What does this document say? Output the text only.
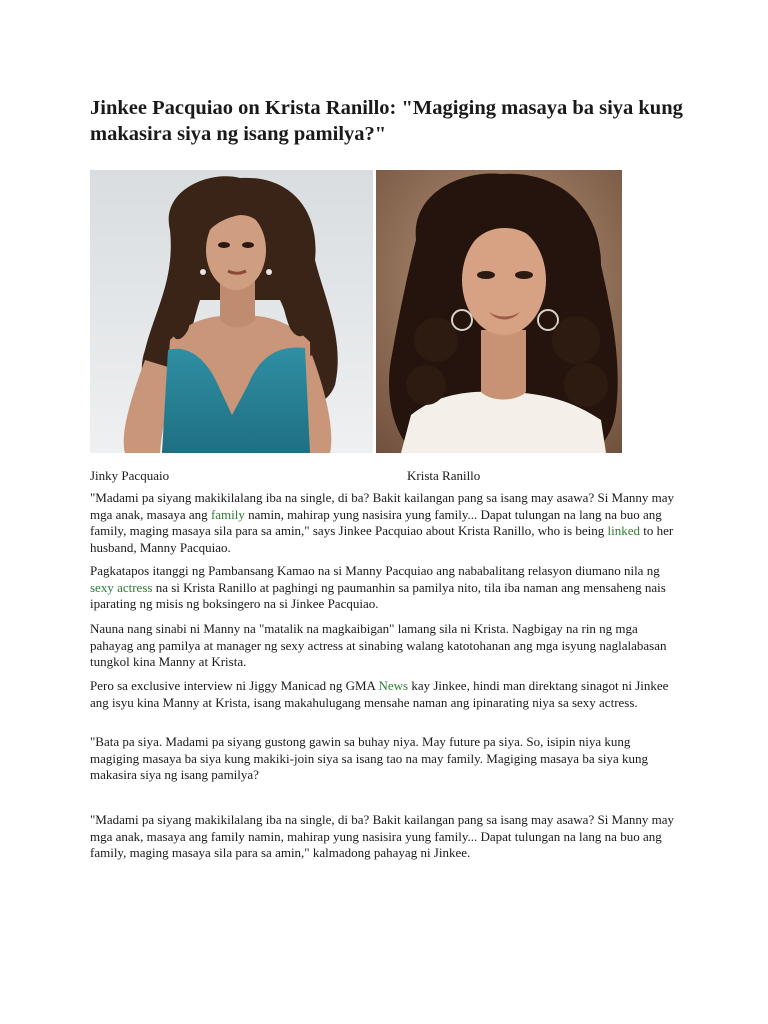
Jinkee Pacquiao on Krista Ranillo: "Magiging masaya ba siya kung makasira siya ng isang pamilya?"
Jinky Pacquaio	Krista Ranillo

"Madami pa siyang makikilalang iba na single, di ba? Bakit kailangan pang sa isang may asawa? Si Manny may mga anak, masaya ang family namin, mahirap yung nasisira yung family... Dapat tulungan na lang na buo ang family, maging masaya sila para sa amin," says Jinkee Pacquiao about Krista Ranillo, who is being linked to her husband, Manny Pacquiao.

Pagkatapos itanggi ng Pambansang Kamao na si Manny Pacquiao ang nababalitang relasyon diumano nila ng sexy actress na si Krista Ranillo at paghingi ng paumanhin sa pamilya nito, tila iba naman ang mensaheng nais iparating ng misis ng boksingero na si Jinkee Pacquiao.

Nauna nang sinabi ni Manny na "matalik na magkaibigan" lamang sila ni Krista. Nagbigay na rin ng mga pahayag ang pamilya at manager ng sexy actress at sinabing walang katotohanan ang mga isyung naglalabasan tungkol kina Manny at Krista.

Pero sa exclusive interview ni Jiggy Manicad ng GMA News kay Jinkee, hindi man direktang sinagot ni Jinkee ang isyu kina Manny at Krista, isang makahulugang mensahe naman ang ipinarating niya sa sexy actress.

"Bata pa siya. Madami pa siyang gustong gawin sa buhay niya. May future pa siya. So, isipin niya kung magiging masaya ba siya kung makiki-join siya sa isang tao na may family. Magiging masaya ba siya kung makasira siya ng isang pamilya?

"Madami pa siyang makikilalang iba na single, di ba? Bakit kailangan pang sa isang may asawa? Si Manny may mga anak, masaya ang family namin, mahirap yung nasisira yung family... Dapat tulungan na lang na buo ang family, maging masaya sila para sa amin," kalmadong pahayag ni Jinkee.
